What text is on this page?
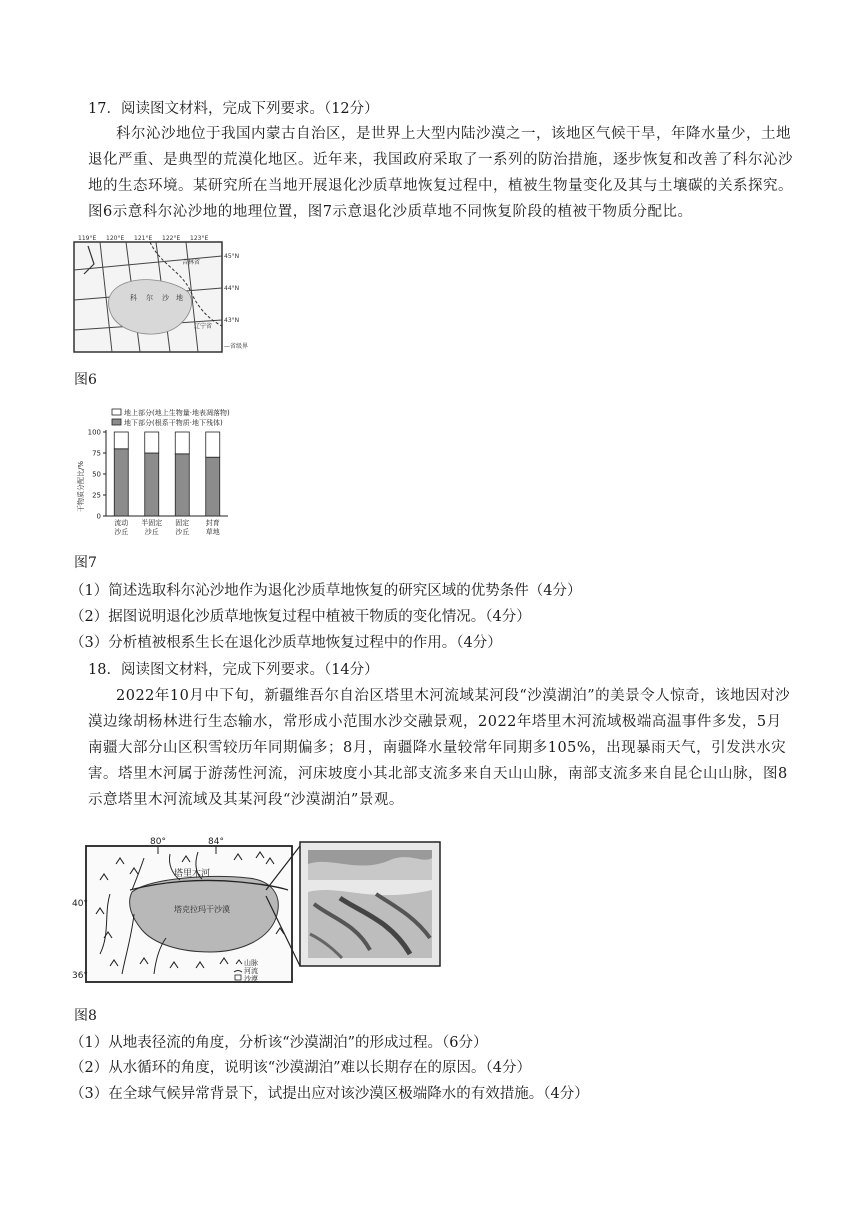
17．阅读图文材料，完成下列要求。（12分）
科尔沁沙地位于我国内蒙古自治区，是世界上大型内陆沙漠之一，该地区气候干旱，年降水量少，土地退化严重、是典型的荒漠化地区。近年来，我国政府采取了一系列的防治措施，逐步恢复和改善了科尔沁沙地的生态环境。某研究所在当地开展退化沙质草地恢复过程中，植被生物量变化及其与土壤碳的关系探究。图6示意科尔沁沙地的地理位置，图7示意退化沙质草地不同恢复阶段的植被干物质分配比。
119°E 120°E 121°E 122°E 123°E
45°N
44°N
43°N
吉林省
科 尔 沙 地
辽宁省
—省级界
图6
地上部分(地上生物量·地表凋落物)
地下部分(根系干物质·地下残体)
干物质分配比/%
0
25
50
75
100
流动
沙丘
半固定
沙丘
固定
沙丘
封育
草地
图7
（1）简述选取科尔沁沙地作为退化沙质草地恢复的研究区域的优势条件（4分）
（2）据图说明退化沙质草地恢复过程中植被干物质的变化情况。（4分）
（3）分析植被根系生长在退化沙质草地恢复过程中的作用。（4分）
18．阅读图文材料，完成下列要求。（14分）
2022年10月中下旬，新疆维吾尔自治区塔里木河流域某河段“沙漠湖泊”的美景令人惊奇，该地因对沙漠边缘胡杨林进行生态输水，常形成小范围水沙交融景观，2022年塔里木河流域极端高温事件多发，5月南疆大部分山区积雪较历年同期偏多；8月，南疆降水量较常年同期多105%，出现暴雨天气，引发洪水灾害。塔里木河属于游荡性河流，河床坡度小其北部支流多来自天山山脉，南部支流多来自昆仑山山脉，图8示意塔里木河流域及其某河段“沙漠湖泊”景观。
80°	84°
40°
36°
塔里木河
塔克拉玛干沙漠
山脉
河流
沙漠
图8
（1）从地表径流的角度，分析该“沙漠湖泊”的形成过程。（6分）
（2）从水循环的角度，说明该“沙漠湖泊”难以长期存在的原因。（4分）
（3）在全球气候异常背景下，试提出应对该沙漠区极端降水的有效措施。（4分）
